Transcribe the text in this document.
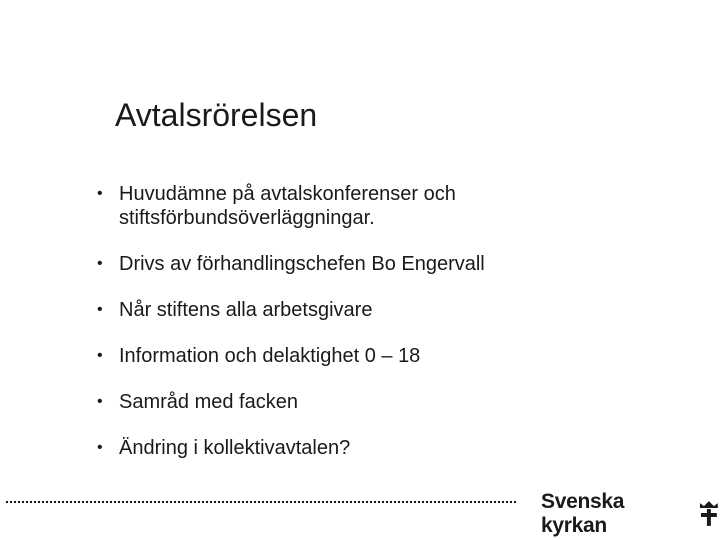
Avtalsrörelsen
• Huvudämne på avtalskonferenser och
stiftsförbundsöverläggningar.
• Drivs av förhandlingschefen Bo Engervall
• Når stiftens alla arbetsgivare
• Information och delaktighet 0 – 18
• Samråd med facken
• Ändring i kollektivavtalen?
Svenska kyrkan
